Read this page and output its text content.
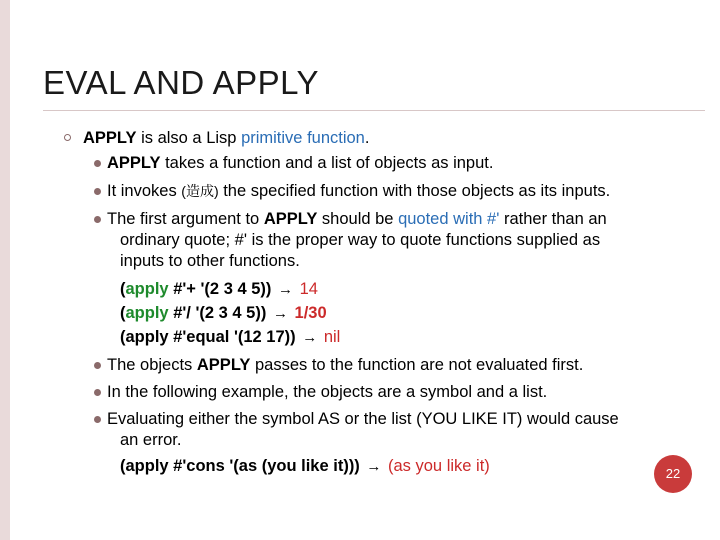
EVAL AND APPLY
APPLY is also a Lisp primitive function.
APPLY takes a function and a list of objects as input.
It invokes (造成) the specified function with those objects as its inputs.
The first argument to APPLY should be quoted with #' rather than an
ordinary quote; #' is the proper way to quote functions supplied as
inputs to other functions.
(apply #'+ '(2 3 4 5)) → 14
(apply #'/ '(2 3 4 5)) → 1/30
(apply #'equal '(12 17)) → nil
The objects APPLY passes to the function are not evaluated first.
In the following example, the objects are a symbol and a list.
Evaluating either the symbol AS or the list (YOU LIKE IT) would cause
an error.
(apply #'cons '(as (you like it))) → (as you like it)	22
